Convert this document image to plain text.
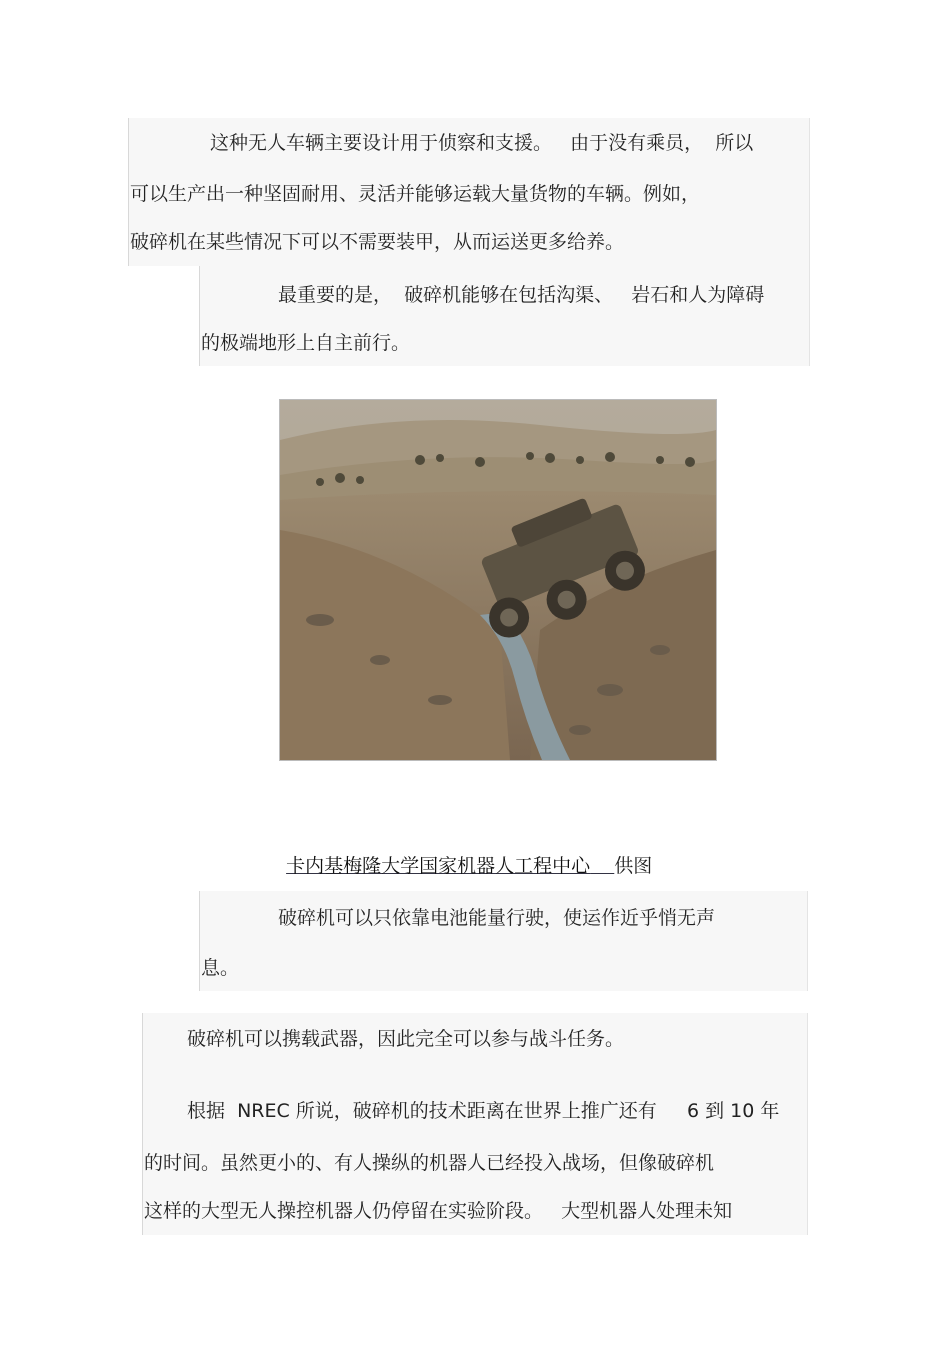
这种无人车辆主要设计用于侦察和支援。   由于没有乘员，  所以
可以生产出一种坚固耐用、灵活并能够运载大量货物的车辆。例如，
破碎机在某些情况下可以不需要装甲，从而运送更多给养。
最重要的是，  破碎机能够在包括沟渠、   岩石和人为障碍
的极端地形上自主前行。

卡内基梅隆大学国家机器人工程中心 供图

破碎机可以只依靠电池能量行驶，使运作近乎悄无声
息。
破碎机可以携载武器，因此完全可以参与战斗任务。
根据  NREC 所说，破碎机的技术距离在世界上推广还有     6 到 10 年
的时间。虽然更小的、有人操纵的机器人已经投入战场，但像破碎机
这样的大型无人操控机器人仍停留在实验阶段。   大型机器人处理未知
